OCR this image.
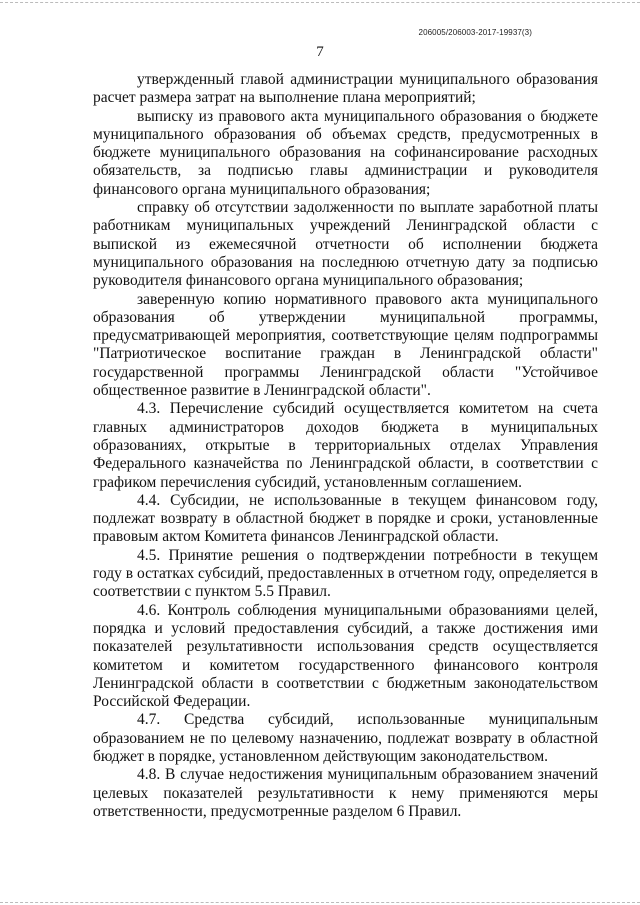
206005/206003-2017-19937(3)
7

утвержденный главой администрации муниципального образования расчет размера затрат на выполнение плана мероприятий;

выписку из правового акта муниципального образования о бюджете муниципального образования об объемах средств, предусмотренных в бюджете муниципального образования на софинансирование расходных обязательств, за подписью главы администрации и руководителя финансового органа муниципального образования;

справку об отсутствии задолженности по выплате заработной платы работникам муниципальных учреждений Ленинградской области с выпиской из ежемесячной отчетности об исполнении бюджета муниципального образования на последнюю отчетную дату за подписью руководителя финансового органа муниципального образования;

заверенную копию нормативного правового акта муниципального образования об утверждении муниципальной программы, предусматривающей мероприятия, соответствующие целям подпрограммы "Патриотическое воспитание граждан в Ленинградской области" государственной программы Ленинградской области "Устойчивое общественное развитие в Ленинградской области".

4.3. Перечисление субсидий осуществляется комитетом на счета главных администраторов доходов бюджета в муниципальных образованиях, открытые в территориальных отделах Управления Федерального казначейства по Ленинградской области, в соответствии с графиком перечисления субсидий, установленным соглашением.

4.4. Субсидии, не использованные в текущем финансовом году, подлежат возврату в областной бюджет в порядке и сроки, установленные правовым актом Комитета финансов Ленинградской области.

4.5. Принятие решения о подтверждении потребности в текущем году в остатках субсидий, предоставленных в отчетном году, определяется в соответствии с пунктом 5.5 Правил.

4.6. Контроль соблюдения муниципальными образованиями целей, порядка и условий предоставления субсидий, а также достижения ими показателей результативности использования средств осуществляется комитетом и комитетом государственного финансового контроля Ленинградской области в соответствии с бюджетным законодательством Российской Федерации.

4.7. Средства субсидий, использованные муниципальным образованием не по целевому назначению, подлежат возврату в областной бюджет в порядке, установленном действующим законодательством.

4.8. В случае недостижения муниципальным образованием значений целевых показателей результативности к нему применяются меры ответственности, предусмотренные разделом 6 Правил.
